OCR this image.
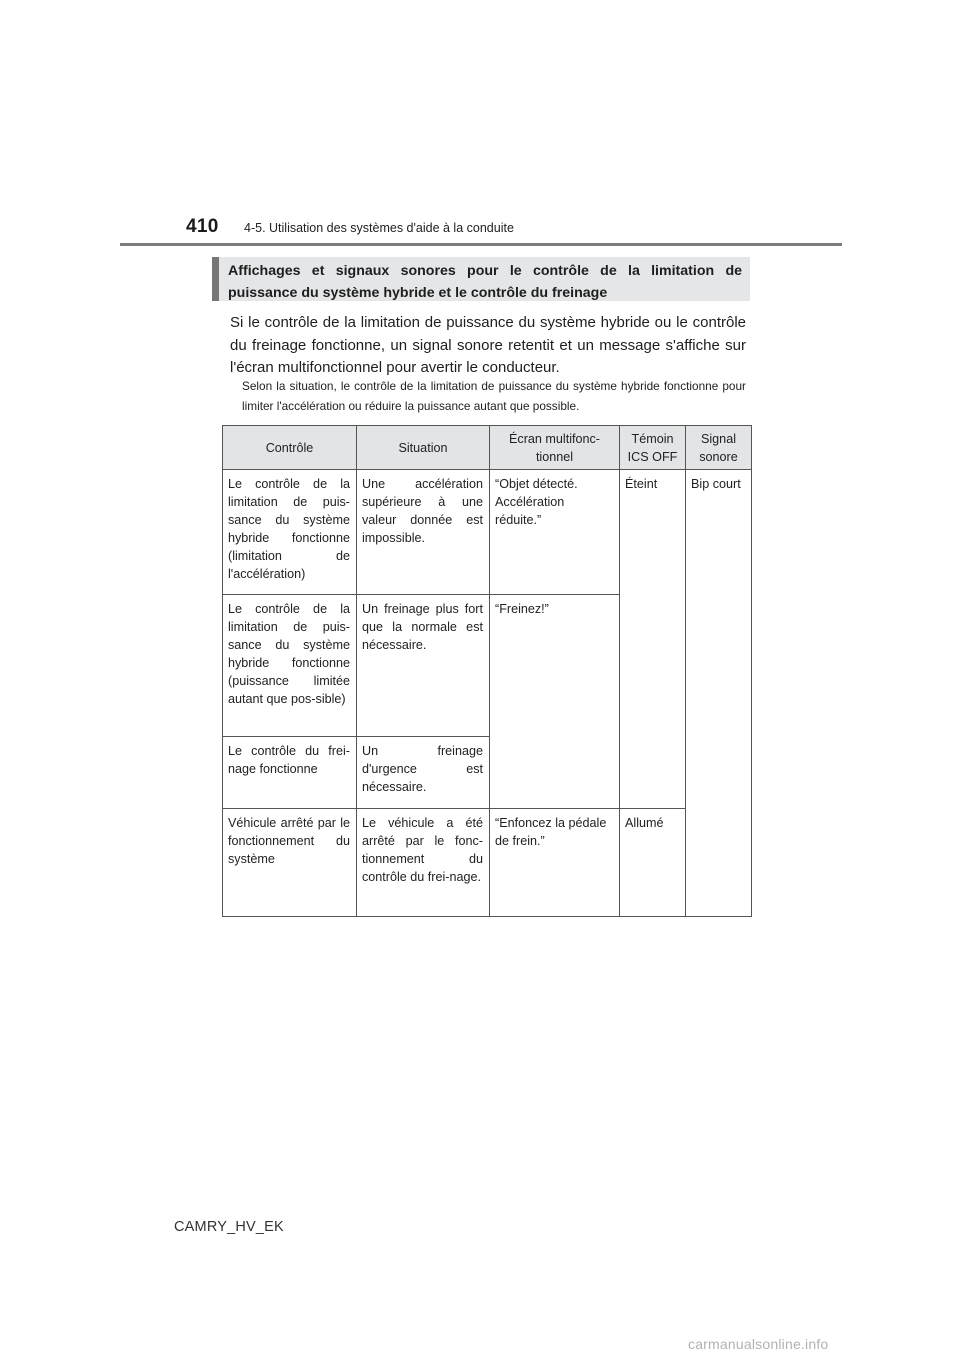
410 4-5. Utilisation des systèmes d'aide à la conduite
Affichages et signaux sonores pour le contrôle de la limitation de puissance du système hybride et le contrôle du freinage
Si le contrôle de la limitation de puissance du système hybride ou le contrôle du freinage fonctionne, un signal sonore retentit et un message s'affiche sur l'écran multifonctionnel pour avertir le conducteur.
Selon la situation, le contrôle de la limitation de puissance du système hybride fonctionne pour limiter l'accélération ou réduire la puissance autant que possible.
Contrôle	Situation	Écran multifonc-tionnel	Témoin ICS OFF	Signal sonore
Le contrôle de la limitation de puis-sance du système hybride fonctionne (limitation de l'accélération)	Une accélération supérieure à une valeur donnée est impossible.	“Objet détecté. Accélération réduite.”	Éteint	Bip court
Le contrôle de la limitation de puis-sance du système hybride fonctionne (puissance limitée autant que pos-sible)	Un freinage plus fort que la normale est nécessaire.	“Freinez!”		
Le contrôle du frei-nage fonctionne	Un freinage d'urgence est nécessaire.			
Véhicule arrêté par le fonctionnement du système	Le véhicule a été arrêté par le fonc-tionnement du contrôle du frei-nage.	“Enfoncez la pédale de frein.”	Allumé	
CAMRY_HV_EK
carmanualsonline.info
